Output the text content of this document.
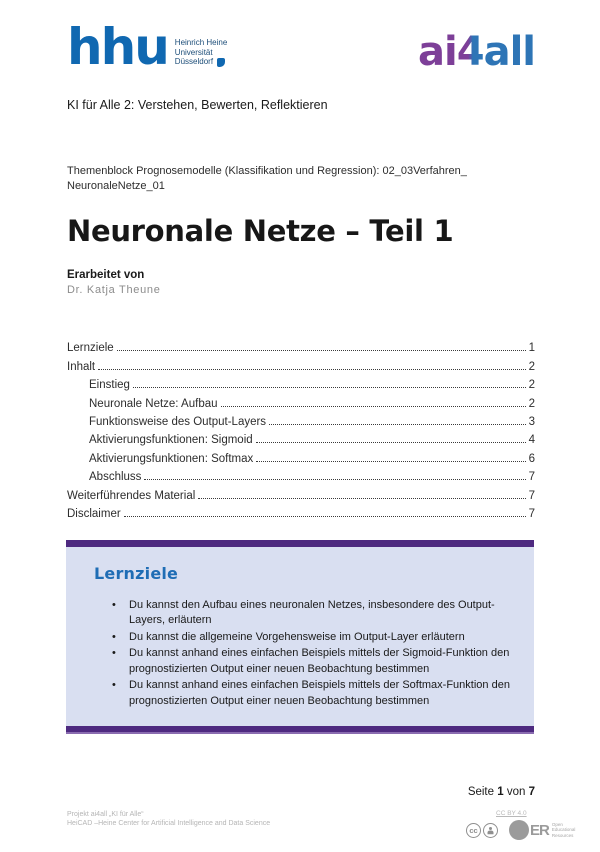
hhu Heinrich Heine
Universität
Düsseldorf	ai4all
KI für Alle 2: Verstehen, Bewerten, Reflektieren
Themenblock Prognosemodelle (Klassifikation und Regression): 02_03Verfahren_
NeuronaleNetze_01
Neuronale Netze – Teil 1
Erarbeitet von
Dr. Katja Theune
Lernziele	1
Inhalt	2
Einstieg	2
Neuronale Netze: Aufbau	2
Funktionsweise des Output-Layers	3
Aktivierungsfunktionen: Sigmoid	4
Aktivierungsfunktionen: Softmax	6
Abschluss	7
Weiterführendes Material	7
Disclaimer	7
Lernziele
•	Du kannst den Aufbau eines neuronalen Netzes, insbesondere des Output-Layers, erläutern
•	Du kannst die allgemeine Vorgehensweise im Output-Layer erläutern
•	Du kannst anhand eines einfachen Beispiels mittels der Sigmoid-Funktion den prognostizierten Output einer neuen Beobachtung bestimmen
•	Du kannst anhand eines einfachen Beispiels mittels der Softmax-Funktion den prognostizierten Output einer neuen Beobachtung bestimmen
Seite 1 von 7
Projekt ai4all „KI für Alle“
HeiCAD –Heine Center for Artificial Intelligence and Data Science
CC BY 4.0
cc	ER Open
Educational
Resources
